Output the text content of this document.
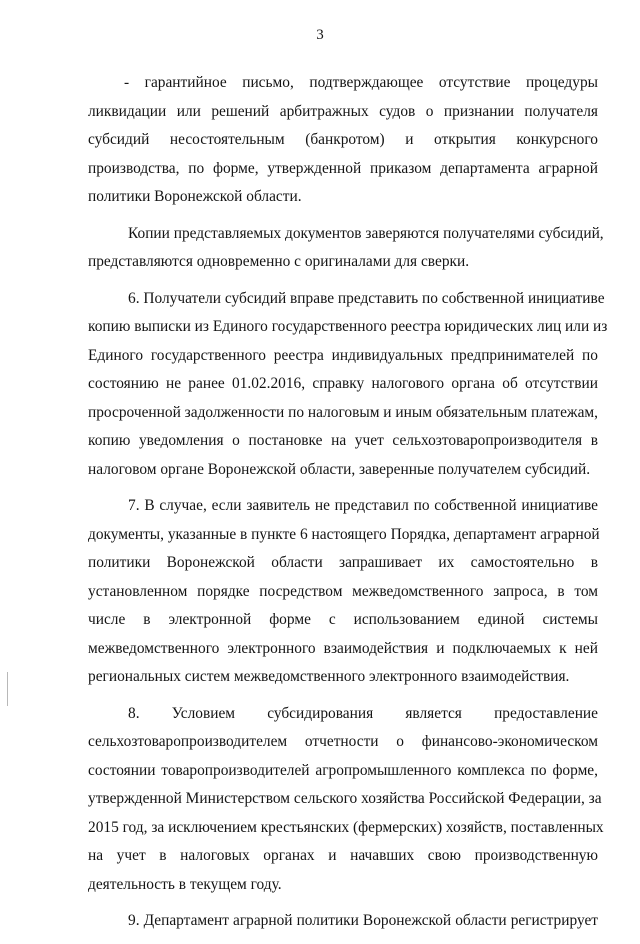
3
- гарантийное письмо, подтверждающее отсутствие процедуры
ликвидации или решений арбитражных судов о признании получателя
субсидий несостоятельным (банкротом) и открытия конкурсного
производства, по форме, утвержденной приказом департамента аграрной
политики Воронежской области.
Копии представляемых документов заверяются получателями субсидий,
представляются одновременно с оригиналами для сверки.
6. Получатели субсидий вправе представить по собственной инициативе
копию выписки из Единого государственного реестра юридических лиц или из
Единого государственного реестра индивидуальных предпринимателей по
состоянию не ранее 01.02.2016, справку налогового органа об отсутствии
просроченной задолженности по налоговым и иным обязательным платежам,
копию уведомления о постановке на учет сельхозтоваропроизводителя в
налоговом органе Воронежской области, заверенные получателем субсидий.
7. В случае, если заявитель не представил по собственной инициативе
документы, указанные в пункте 6 настоящего Порядка, департамент аграрной
политики Воронежской области запрашивает их самостоятельно в
установленном порядке посредством межведомственного запроса, в том
числе в электронной форме с использованием единой системы
межведомственного электронного взаимодействия и подключаемых к ней
региональных систем межведомственного электронного взаимодействия.
8. Условием субсидирования является предоставление
сельхозтоваропроизводителем отчетности о финансово-экономическом
состоянии товаропроизводителей агропромышленного комплекса по форме,
утвержденной Министерством сельского хозяйства Российской Федерации, за
2015 год, за исключением крестьянских (фермерских) хозяйств, поставленных
на учет в налоговых органах и начавших свою производственную
деятельность в текущем году.
9. Департамент аграрной политики Воронежской области регистрирует
